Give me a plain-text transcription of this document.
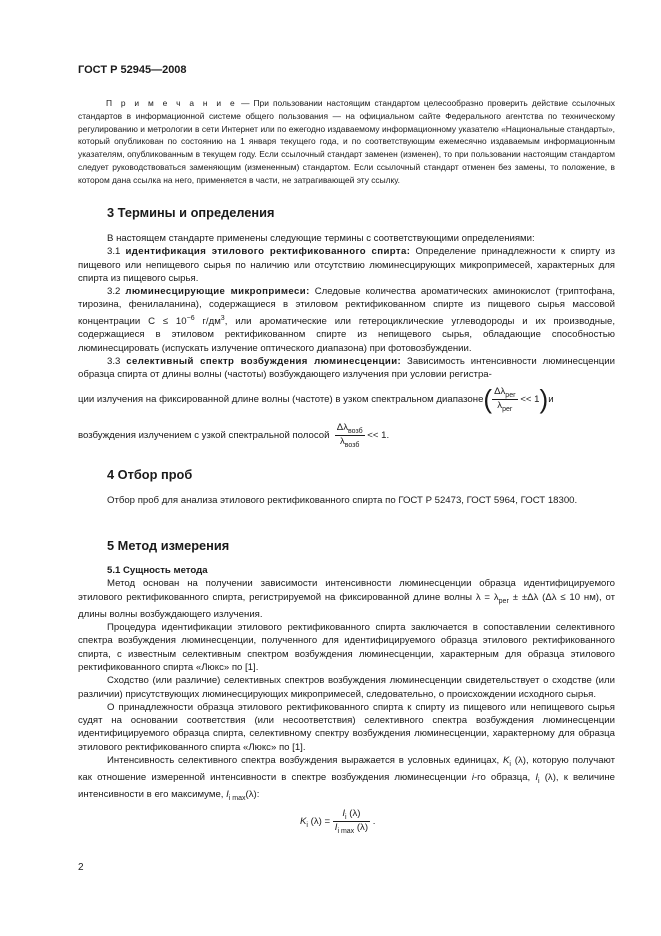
ГОСТ Р 52945—2008

П р и м е ч а н и е — При пользовании настоящим стандартом целесообразно проверить действие ссылочных стандартов в информационной системе общего пользования — на официальном сайте Федерального агентства по техническому регулированию и метрологии в сети Интернет или по ежегодно издаваемому информационному указателю «Национальные стандарты», который опубликован по состоянию на 1 января текущего года, и по соответствующим ежемесячно издаваемым информационным указателям, опубликованным в текущем году. Если ссылочный стандарт заменен (изменен), то при пользовании настоящим стандартом следует руководствоваться заменяющим (измененным) стандартом. Если ссылочный стандарт отменен без замены, то положение, в котором дана ссылка на него, применяется в части, не затрагивающей эту ссылку.

3 Термины и определения

В настоящем стандарте применены следующие термины с соответствующими определениями:

3.1 идентификация этилового ректификованного спирта: Определение принадлежности к спирту из пищевого или непищевого сырья по наличию или отсутствию люминесцирующих микропримесей, характерных для спирта из пищевого сырья.

3.2 люминесцирующие микропримеси: Следовые количества ароматических аминокислот (триптофана, тирозина, фенилаланина), содержащиеся в этиловом ректификованном спирте из пищевого сырья массовой концентрации $C \le 10^{-6}$ $г/дм^3$, или ароматические или гетероциклические углеводороды и их производные, содержащиеся в этиловом ректификованном спирте из непищевого сырья, обладающие способностью люминесцировать (испускать излучение оптического диапазона) при фотовозбуждении.

3.3 селективный спектр возбуждения люминесценции: Зависимость интенсивности люминесценции образца спирта от длины волны (частоты) возбуждающего излучения при условии регистра-

ции излучения на фиксированной длине волны (частоте) в узком спектральном диапазоне( $\frac{\Delta\lambda_{рег}}{\lambda_{рег}} << 1)и$
возбуждения излучением с узкой спектральной полосой $\frac{\Delta\lambda_{возб}}{\lambda_{возб}} << 1$.
4 Отбор проб

Отбор проб для анализа этилового ректификованного спирта по ГОСТ Р 52473, ГОСТ 5964, ГОСТ 18300.

5 Метод измерения

5.1 Сущность метода

Метод основан на получении зависимости интенсивности люминесценции образца идентифицируемого этилового ректификованного спирта, регистрируемой на фиксированной длине волны $\lambda = \lambda_{рег} \pm \pm\Delta\lambda$ (Δλ ≤ 10 нм), от длины волны возбуждающего излучения.

Процедура идентификации этилового ректификованного спирта заключается в сопоставлении селективного спектра возбуждения люминесценции, полученного для идентифицируемого образца этилового ректификованного спирта, с известным селективным спектром возбуждения люминесценции, характерным для образца этилового ректификованного спирта «Люкс» по [1].

Сходство (или различие) селективных спектров возбуждения люминесценции свидетельствует о сходстве (или различии) присутствующих люминесцирующих микропримесей, следовательно, о происхождении исходного сырья.

О принадлежности образца этилового ректификованного спирта к спирту из пищевого или непищевого сырья судят на основании соответствия (или несоответствия) селективного спектра возбуждения люминесценции идентифицируемого образца спирта, селективному спектру возбуждения люминесценции, характерному для образца этилового ректификованного спирта «Люкс» по [1].

Интенсивность селективного спектра возбуждения выражается в условных единицах, $K_i$ (λ), которую получают как отношение измеренной интенсивности в спектре возбуждения люминесценции i-го образца, $I_i$ (λ), к величине интенсивности в его максимуме, $I_{i max}(\lambda)$:

$K_i$ $(\lambda) = \frac{I_i (\lambda)}{I_{i max} (\lambda)}$ .
2
